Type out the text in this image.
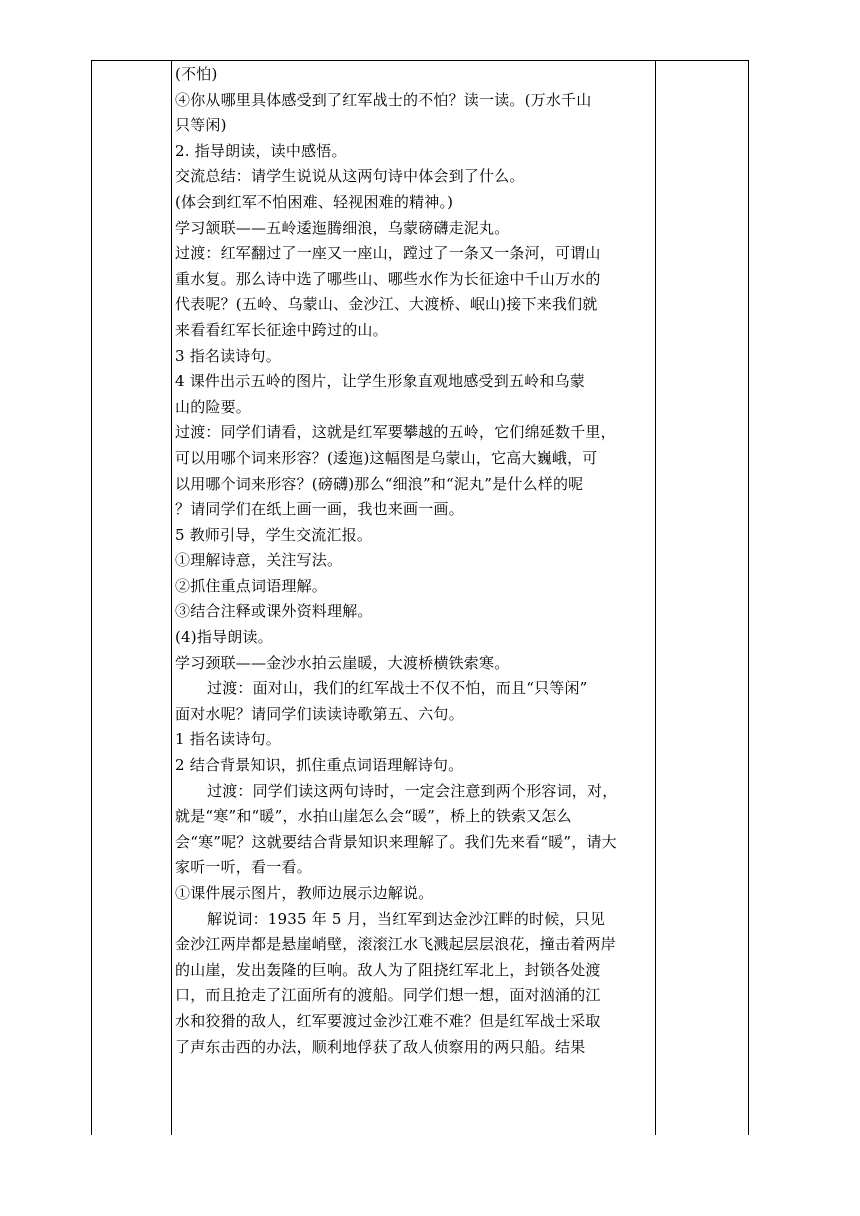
(不怕)

④你从哪里具体感受到了红军战士的不怕？读一读。(万水千山

只等闲)

2. 指导朗读，读中感悟。

交流总结：请学生说说从这两句诗中体会到了什么。

(体会到红军不怕困难、轻视困难的精神。)

学习颔联——五岭逶迤腾细浪，乌蒙磅礴走泥丸。

过渡：红军翻过了一座又一座山，蹚过了一条又一条河，可谓山

重水复。那么诗中选了哪些山、哪些水作为长征途中千山万水的

代表呢？(五岭、乌蒙山、金沙江、大渡桥、岷山)接下来我们就

来看看红军长征途中跨过的山。

3 指名读诗句。

4 课件出示五岭的图片，让学生形象直观地感受到五岭和乌蒙

山的险要。

过渡：同学们请看，这就是红军要攀越的五岭，它们绵延数千里，

可以用哪个词来形容？(逶迤)这幅图是乌蒙山，它高大巍峨，可

以用哪个词来形容？(磅礴)那么“细浪”和“泥丸”是什么样的呢

？请同学们在纸上画一画，我也来画一画。

5 教师引导，学生交流汇报。

①理解诗意，关注写法。

②抓住重点词语理解。

③结合注释或课外资料理解。

(4)指导朗读。

学习颈联——金沙水拍云崖暖，大渡桥横铁索寒。

过渡：面对山，我们的红军战士不仅不怕，而且“只等闲”

面对水呢？请同学们读读诗歌第五、六句。

1 指名读诗句。

2 结合背景知识，抓住重点词语理解诗句。

过渡：同学们读这两句诗时，一定会注意到两个形容词，对，

就是“寒”和“暖”，水拍山崖怎么会“暖”，桥上的铁索又怎么

会“寒”呢？这就要结合背景知识来理解了。我们先来看“暖”，请大

家听一听，看一看。

①课件展示图片，教师边展示边解说。

解说词：1935 年 5 月，当红军到达金沙江畔的时候，只见

金沙江两岸都是悬崖峭壁，滚滚江水飞溅起层层浪花，撞击着两岸

的山崖，发出轰隆的巨响。敌人为了阻挠红军北上，封锁各处渡

口，而且抢走了江面所有的渡船。同学们想一想，面对汹涌的江

水和狡猾的敌人，红军要渡过金沙江难不难？但是红军战士采取

了声东击西的办法，顺利地俘获了敌人侦察用的两只船。结果
